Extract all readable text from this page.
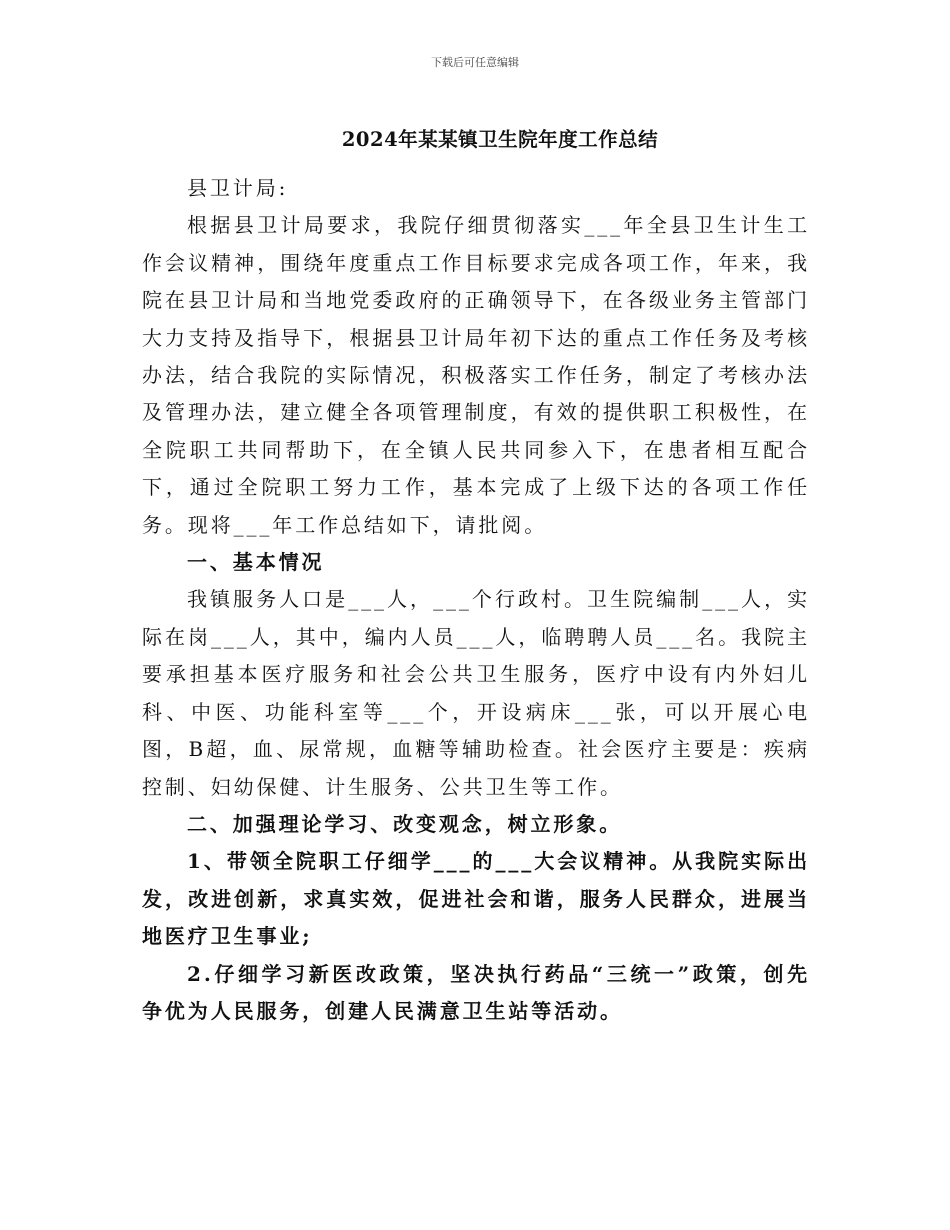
下载后可任意编辑
2024年某某镇卫生院年度工作总结

县卫计局:

根据县卫计局要求，我院仔细贯彻落实___年全县卫生计生工作会议精神，围绕年度重点工作目标要求完成各项工作，年来，我院在县卫计局和当地党委政府的正确领导下，在各级业务主管部门大力支持及指导下，根据县卫计局年初下达的重点工作任务及考核办法，结合我院的实际情况，积极落实工作任务，制定了考核办法及管理办法，建立健全各项管理制度，有效的提供职工积极性，在全院职工共同帮助下，在全镇人民共同参入下，在患者相互配合下，通过全院职工努力工作，基本完成了上级下达的各项工作任务。现将___年工作总结如下，请批阅。

一、基本情况

我镇服务人口是___人，___个行政村。卫生院编制___人，实际在岗___人，其中，编内人员___人，临聘聘人员___名。我院主要承担基本医疗服务和社会公共卫生服务，医疗中设有内外妇儿科、中医、功能科室等___个，开设病床___张，可以开展心电图，B超，血、尿常规，血糖等辅助检查。社会医疗主要是：疾病控制、妇幼保健、计生服务、公共卫生等工作。

二、加强理论学习、改变观念，树立形象。

1、带领全院职工仔细学___的___大会议精神。从我院实际出发，改进创新，求真实效，促进社会和谐，服务人民群众，进展当地医疗卫生事业;

2.仔细学习新医改政策，坚决执行药品“三统一”政策，创先争优为人民服务，创建人民满意卫生站等活动。
